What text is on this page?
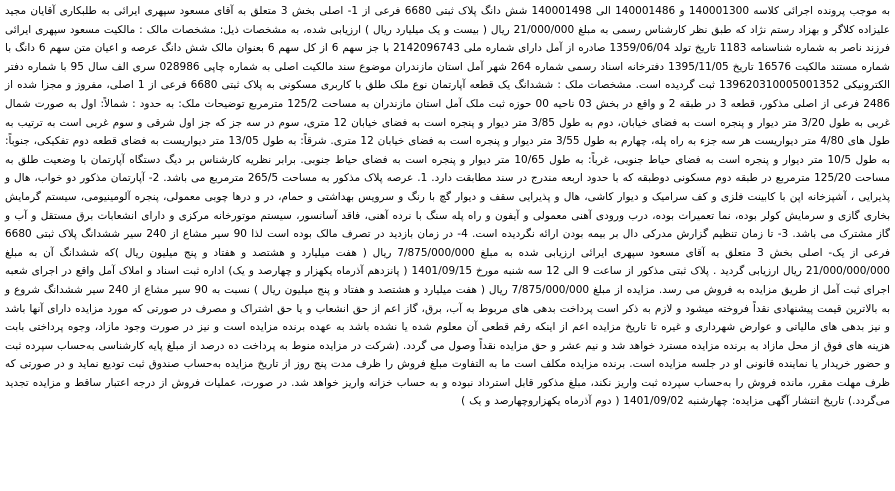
به موجب پرونده اجرائی کلاسه 140001300 و 140001486 الی 140001498 شش دانگ پلاک ثبتی 6680 فرعی از 1- اصلی بخش 3 متعلق به آقای مسعود سپهری ایرائی به طلبکاری آقایان مجید علیزاده کلاگر و بهزاد رستم نژاد که طبق نظر کارشناس رسمی به مبلغ 21/000/000 ریال ( بیست و یک میلیارد ریال ) ارزیابی شده، به مشخصات ذیل: مشخصات مالک : مالکیت مسعود سپهری ایرائی فرزند ناصر به شماره شناسنامه 1183 تاریخ تولد 1359/06/04 صادره از آمل دارای شماره ملی 2142096743 با جز سهم 6 از کل سهم 6 بعنوان مالک شش دانگ عرصه و اعیان متن سهم 6 دانگ با شماره مستند مالکیت 16576 تاریخ 1395/11/05 دفترخانه اسناد رسمی شماره 264 شهر آمل استان مازندران موضوع سند مالکیت اصلی به شماره چاپی 028986 سری الف سال 95 با شماره دفتر الکترونیکی 139620310005001352 ثبت گردیده است. مشخصات ملک : ششدانگ یک قطعه آپارتمان نوع ملک طلق با کاربری مسکونی به پلاک ثبتی 6680 فرعی از 1 اصلی، مفروز و مجزا شده از 2486 فرعی از اصلی مذکور، قطعه 3 در طبقه 2 و واقع در بخش 03 ناحیه 00 حوزه ثبت ملک آمل استان مازندران به مساحت 125/2 مترمربع توضیحات ملک: به حدود : شمالاً: اول به صورت شمال غربی به طول 3/20 متر دیوار و پنجره است به فضای خیابان، دوم به طول 3/85 متر دیوار و پنجره است به فضای خیابان 12 متری، سوم در سه جز که جز اول شرقی و سوم غربی است به ترتیب به طول های 4/80 متر دیواریست هر سه جزء به راه پله، چهارم به طول 3/55 متر دیوار و پنجره است به فضای خیابان 12 متری. شرقاً: به طول 13/05 متر دیواریست به فضای قطعه دوم تفکیکی، جنوباً: به طول 10/5 متر دیوار و پنجره است به فضای حیاط جنوبی، غرباً: به طول 10/65 متر دیوار و پنجره است به فضای حیاط جنوبی. برابر نظریه کارشناس بر دیگ دستگاه آپارتمان با وضعیت طلق به مساحت 125/20 مترمربع در طبقه دوم مسکونی دوطبقه که با حدود اربعه مندرج در سند مطابقت دارد. 1. عرصه پلاک مذکور به مساحت 265/5 مترمربع می باشد. 2- آپارتمان مذکور دو خواب، هال و پذیرایی ، آشپزخانه اپن با کابینت فلزی و کف سرامیک و دیوار کاشی، هال و پذیرایی سقف و دیوار گچ با رنگ و سرویس بهداشتی و حمام، در و درها چوبی معمولی، پنجره آلومینیومی، سیستم گرمایش بخاری گازی و سرمایش کولر بوده، نما تعمیرات بوده، درب ورودی آهنی معمولی و آیفون و راه پله سنگ با نرده آهنی، فاقد آسانسور، سیستم موتورخانه مرکزی و دارای انشعابات برق مستقل و آب و گاز مشترک می باشد. 3- تا زمان تنظیم گزارش مدرکی دال بر بیمه بودن ارائه نگردیده است. 4- در زمان بازدید در تصرف مالک بوده است لذا 90 سیر مشاع از 240 سیر ششدانگ پلاک ثبتی 6680 فرعی از یک- اصلی بخش 3 متعلق به آقای مسعود سپهری ایرائی ارزیابی شده به مبلغ 7/875/000/000 ریال ( هفت میلیارد و هشتصد و هفتاد و پنج میلیون ریال )که ششدانگ آن به مبلغ 21/000/000/000 ریال ارزیابی گردید . پلاک ثبتی مذکور از ساعت 9 الی 12 سه شنبه مورخ 1401/09/15 ( پانزدهم آذرماه یکهزار و چهارصد و یک) اداره ثبت اسناد و املاک آمل واقع در اجرای شعبه اجرای ثبت آمل از طریق مزایده به فروش می رسد. مزایده از مبلغ 7/875/000/000 ریال ( هفت میلیارد و هشتصد و هفتاد و پنج میلیون ریال ) نسبت به 90 سیر مشاع از 240 سیر ششدانگ شروع و به بالاترین قیمت پیشنهادی نقداً فروخته میشود و لازم به ذکر است پرداخت بدهی های مربوط به آب، برق، گاز اعم از حق انشعاب و یا حق اشتراک و مصرف در صورتی که مورد مزایده دارای آنها باشد و نیز بدهی های مالیاتی و عوارض شهرداری و غیره تا تاریخ مزایده اعم از اینکه رقم قطعی آن معلوم شده یا نشده باشد به عهده برنده مزایده است و نیز در صورت وجود مازاد، وجوه پرداختی بابت هزینه های فوق از محل مازاد به برنده مزایده مسترد خواهد شد و نیم عشر و حق مزایده نقداً وصول می گردد. (شرکت در مزایده منوط به پرداخت ده درصد از مبلغ پایه کارشناسی به‌حساب سپرده ثبت و حضور خریدار یا نماینده قانونی او در جلسه مزایده است. برنده مزایده مکلف است ما به التفاوت مبلغ فروش را ظرف مدت پنج روز از تاریخ مزایده به‌حساب صندوق ثبت تودیع نماید و در صورتی که ظرف مهلت مقرر، مانده فروش را به‌حساب سپرده ثبت واریز نکند، مبلغ مذکور قابل استرداد نبوده و به حساب خزانه واریز خواهد شد. در صورت، عملیات فروش از درجه اعتبار ساقط و مزایده تجدید می‌گردد.) تاریخ انتشار آگهی مزایده: چهارشنبه 1401/09/02 ( دوم آذرماه یکهزاروچهارصد و یک )
